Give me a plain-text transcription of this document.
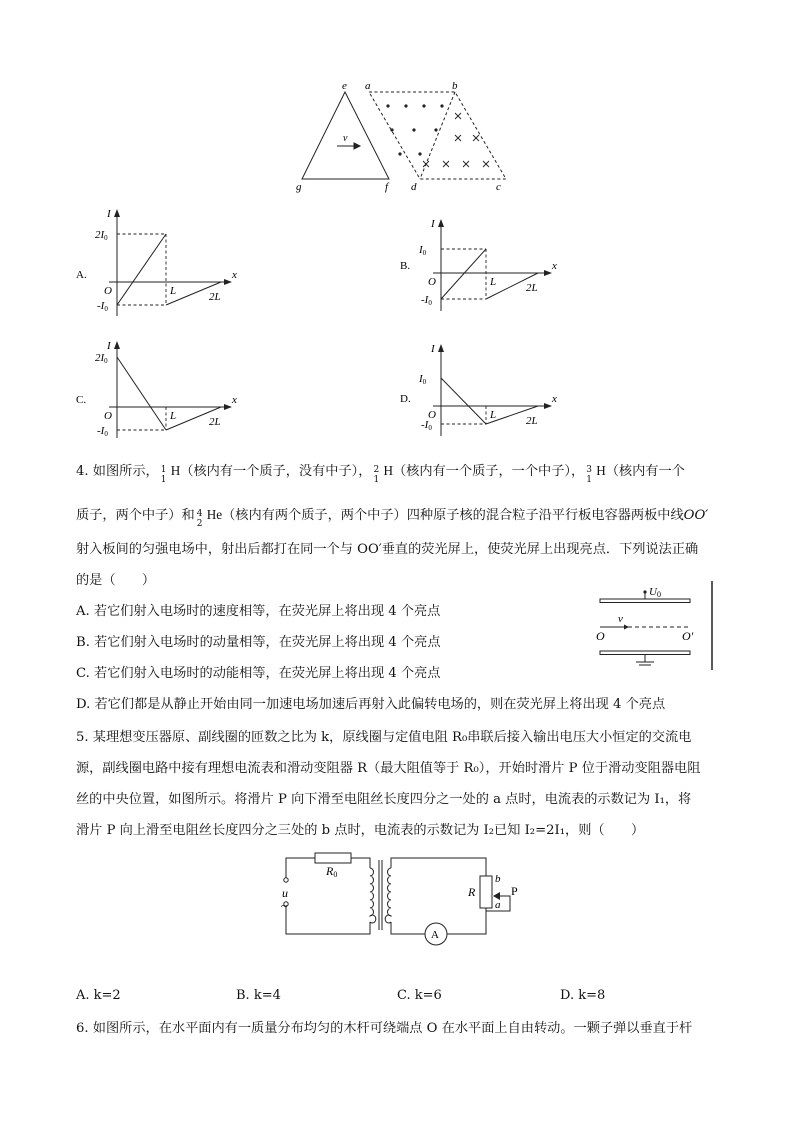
e a	b
g	f d	c
v
A.
I
x
2I0
O
-I0
L	2L
B.
I
x
I0
O
-I0
L	2L
C.
I
x
2I0
O
-I0
L	2L
D.
I
x
I0
O
-I0
L	2L
4. 如图所示， 1
1
H（核内有一个质子，没有中子）， 2
1
H（核内有一个质子，一个中子）， 3
1
H（核内有一个
质子，两个中子）和 4
2
He（核内有两个质子，两个中子）四种原子核的混合粒子沿平行板电容器两板中线OO′
射入板间的匀强电场中，射出后都打在同一个与 OO′垂直的荧光屏上，使荧光屏上出现亮点．下列说法正确
的是（　　）
A. 若它们射入电场时的速度相等，在荧光屏上将出现 4 个亮点
B. 若它们射入电场时的动量相等，在荧光屏上将出现 4 个亮点
C. 若它们射入电场时的动能相等，在荧光屏上将出现 4 个亮点
D. 若它们都是从静止开始由同一加速电场加速后再射入此偏转电场的，则在荧光屏上将出现 4 个亮点
U0
v
O	O′
5. 某理想变压器原、副线圈的匝数之比为 k，原线圈与定值电阻 R₀串联后接入输出电压大小恒定的交流电
源，副线圈电路中接有理想电流表和滑动变阻器 R（最大阻值等于 R₀），开始时滑片 P 位于滑动变阻器电阻
丝的中央位置，如图所示。将滑片 P 向下滑至电阻丝长度四分之一处的 a 点时，电流表的示数记为 I₁，将
滑片 P 向上滑至电阻丝长度四分之三处的 b 点时，电流表的示数记为 I₂已知 I₂=2I₁，则（　　）
R0
u
~
R
b
a
P
A
A. k=2	B. k=4	C. k=6	D. k=8
6. 如图所示，在水平面内有一质量分布均匀的木杆可绕端点 O 在水平面上自由转动。一颗子弹以垂直于杆
